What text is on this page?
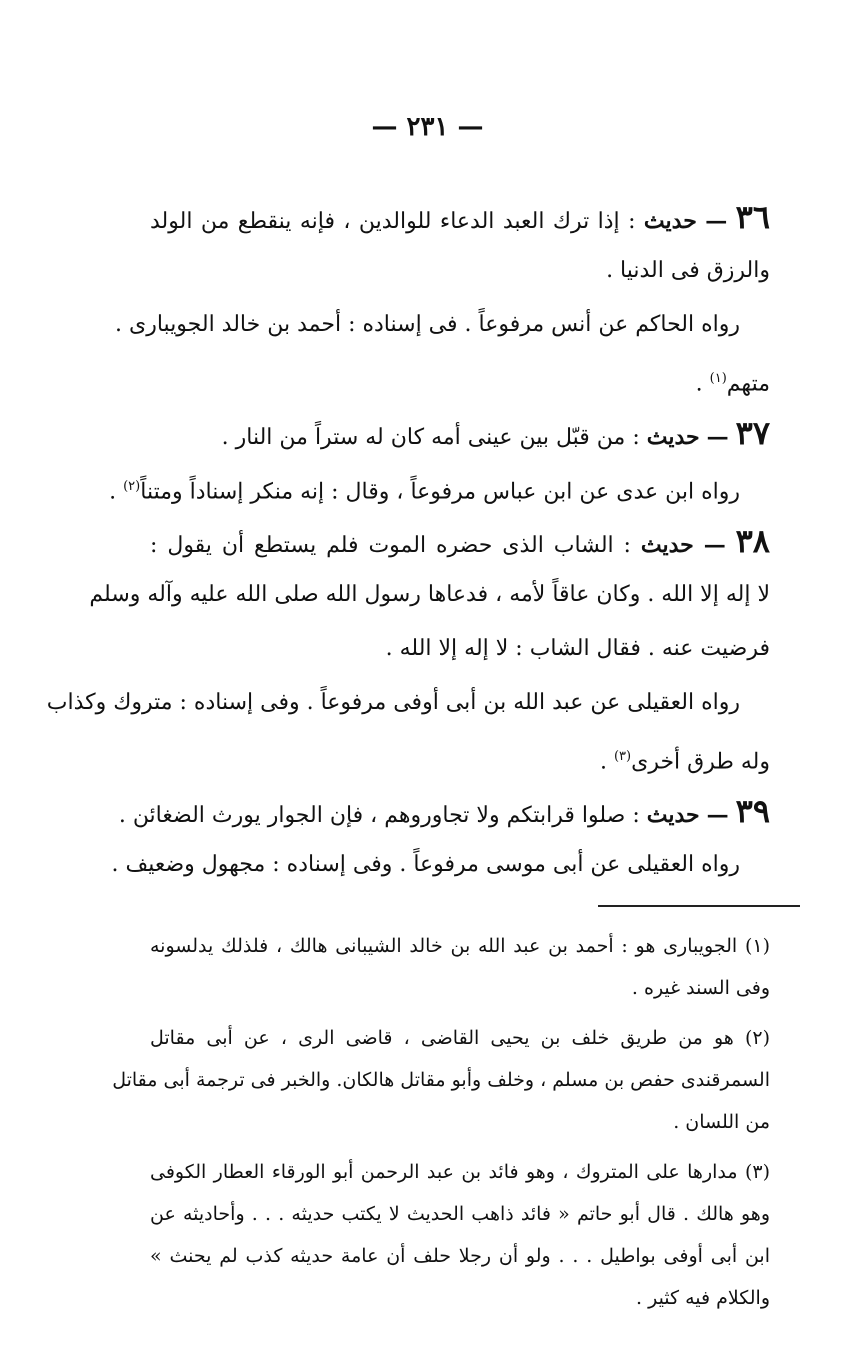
— ٢٣١ —
٣٦ — حديث : إذا ترك العبد الدعاء للوالدين ، فإنه ينقطع من الولد
والرزق فى الدنيا .
رواه الحاكم عن أنس مرفوعاً . فى إسناده : أحمد بن خالد الجويبارى .
متهم$^{(١)}$ .
٣٧ — حديث : من قبّل بين عينى أمه كان له ستراً من النار .
رواه ابن عدى عن ابن عباس مرفوعاً ، وقال : إنه منكر إسناداً ومتناً$^{(٢)}$ .
٣٨ — حديث : الشاب الذى حضره الموت فلم يستطع أن يقول :
لا إله إلا الله . وكان عاقاً لأمه ، فدعاها رسول الله صلى الله عليه وآله وسلم
فرضيت عنه . فقال الشاب : لا إله إلا الله .
رواه العقيلى عن عبد الله بن أبى أوفى مرفوعاً . وفى إسناده : متروك وكذاب
وله طرق أخرى$^{(٣)}$ .
٣٩ — حديث : صلوا قرابتكم ولا تجاوروهم ، فإن الجوار يورث الضغائن .
رواه العقيلى عن أبى موسى مرفوعاً . وفى إسناده : مجهول وضعيف .
(١) الجويبارى هو : أحمد بن عبد الله بن خالد الشيبانى هالك ، فلذلك يدلسونه
وفى السند غيره .
(٢) هو من طريق خلف بن يحيى القاضى ، قاضى الرى ، عن أبى مقاتل
السمرقندى حفص بن مسلم ، وخلف وأبو مقاتل هالكان. والخبر فى ترجمة أبى مقاتل
من اللسان .
(٣) مدارها على المتروك ، وهو فائد بن عبد الرحمن أبو الورقاء العطار الكوفى
وهو هالك . قال أبو حاتم « فائد ذاهب الحديث لا يكتب حديثه . . . وأحاديثه عن
ابن أبى أوفى بواطيل . . . ولو أن رجلا حلف أن عامة حديثه كذب لم يحنث »
والكلام فيه كثير .
